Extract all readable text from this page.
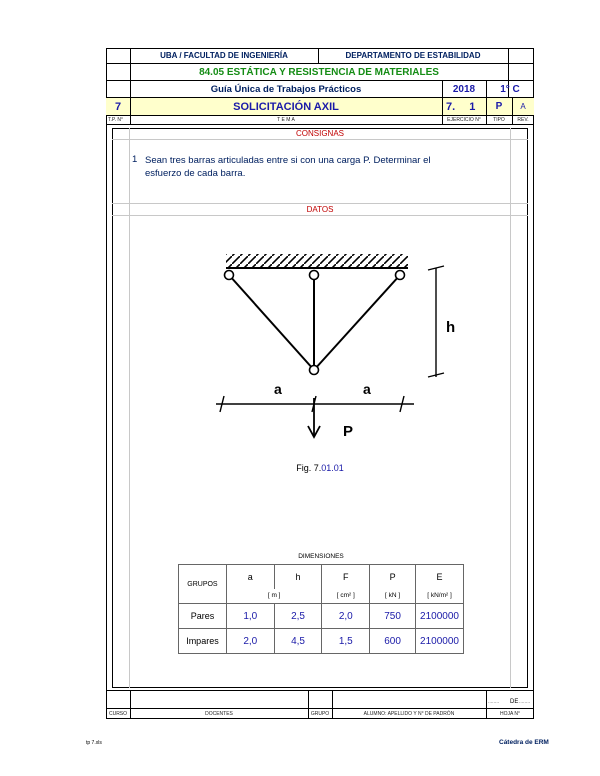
UBA / FACULTAD DE INGENIERÍA	DEPARTAMENTO DE ESTABILIDAD
84.05 ESTÁTICA Y RESISTENCIA DE MATERIALES
Guía Única de Trabajos Prácticos	2018	1° C
7	SOLICITACIÓN AXIL	7. 1	P	A
T.P. N°	T E M A	EJERCICIO N°	TIPO	REV.
CONSIGNAS
1 Sean tres barras articuladas entre si con una carga P. Determinar el
esfuerzo de cada barra.
DATOS
h
a	a
P
Fig. 7.01.01
DIMENSIONES
GRUPOS	a	h	F	P	E
	[ m ]		[ cm² ]	[ kN ]	[ kN/m² ]
Pares	1,0	2,5	2,0	750	2100000
Impares	2,0	4,5	1,5	600	2100000
........ DE ........
CURSO	DOCENTES	GRUPO	ALUMNO: APELLIDO Y N° DE PADRÓN	HOJA N°
tp 7.xls	Cátedra de ERM
